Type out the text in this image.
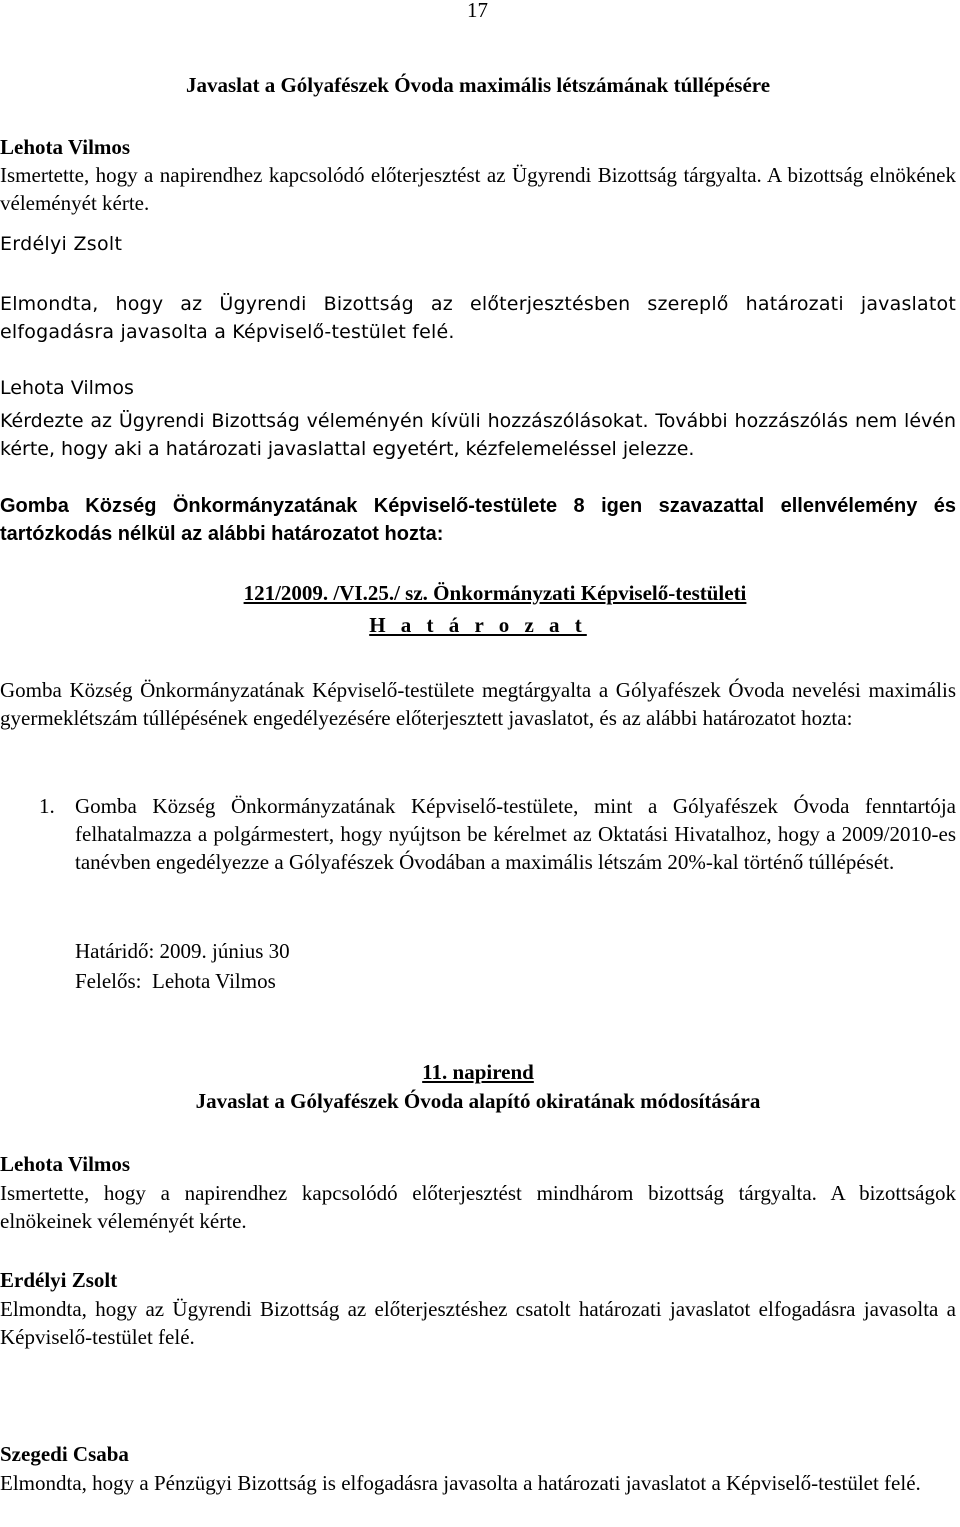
17

Javaslat a Gólyafészek Óvoda maximális létszámának túllépésére

Lehota Vilmos

Ismertette, hogy a napirendhez kapcsolódó előterjesztést az Ügyrendi Bizottság tárgyalta. A bizottság elnökének véleményét kérte.

Erdélyi Zsolt

Elmondta, hogy az Ügyrendi Bizottság az előterjesztésben szereplő határozati javaslatot elfogadásra javasolta a Képviselő-testület felé.

Lehota Vilmos

Kérdezte az Ügyrendi Bizottság véleményén kívüli hozzászólásokat. További hozzászólás nem lévén kérte, hogy aki a határozati javaslattal egyetért, kézfelemeléssel jelezze.

Gomba Község Önkormányzatának Képviselő-testülete 8 igen szavazattal ellenvélemény és tartózkodás nélkül az alábbi határozatot hozta:

121/2009. /VI.25./ sz. Önkormányzati Képviselő-testületi

H a t á r o z a t

Gomba Község Önkormányzatának Képviselő-testülete megtárgyalta a Gólyafészek Óvoda nevelési maximális gyermeklétszám túllépésének engedélyezésére előterjesztett javaslatot, és az alábbi határozatot hozta:

1. Gomba Község Önkormányzatának Képviselő-testülete, mint a Gólyafészek Óvoda fenntartója felhatalmazza a polgármestert, hogy nyújtson be kérelmet az Oktatási Hivatalhoz, hogy a 2009/2010-es tanévben engedélyezze a Gólyafészek Óvodában a maximális létszám 20%-kal történő túllépését.

Határidő: 2009. június 30

Felelős:  Lehota Vilmos

11. napirend

Javaslat a Gólyafészek Óvoda alapító okiratának módosítására

Lehota Vilmos

Ismertette, hogy a napirendhez kapcsolódó előterjesztést mindhárom bizottság tárgyalta. A bizottságok elnökeinek véleményét kérte.

Erdélyi Zsolt

Elmondta, hogy az Ügyrendi Bizottság az előterjesztéshez csatolt határozati javaslatot elfogadásra javasolta a Képviselő-testület felé.

Szegedi Csaba

Elmondta, hogy a Pénzügyi Bizottság is elfogadásra javasolta a határozati javaslatot a Képviselő-testület felé.
